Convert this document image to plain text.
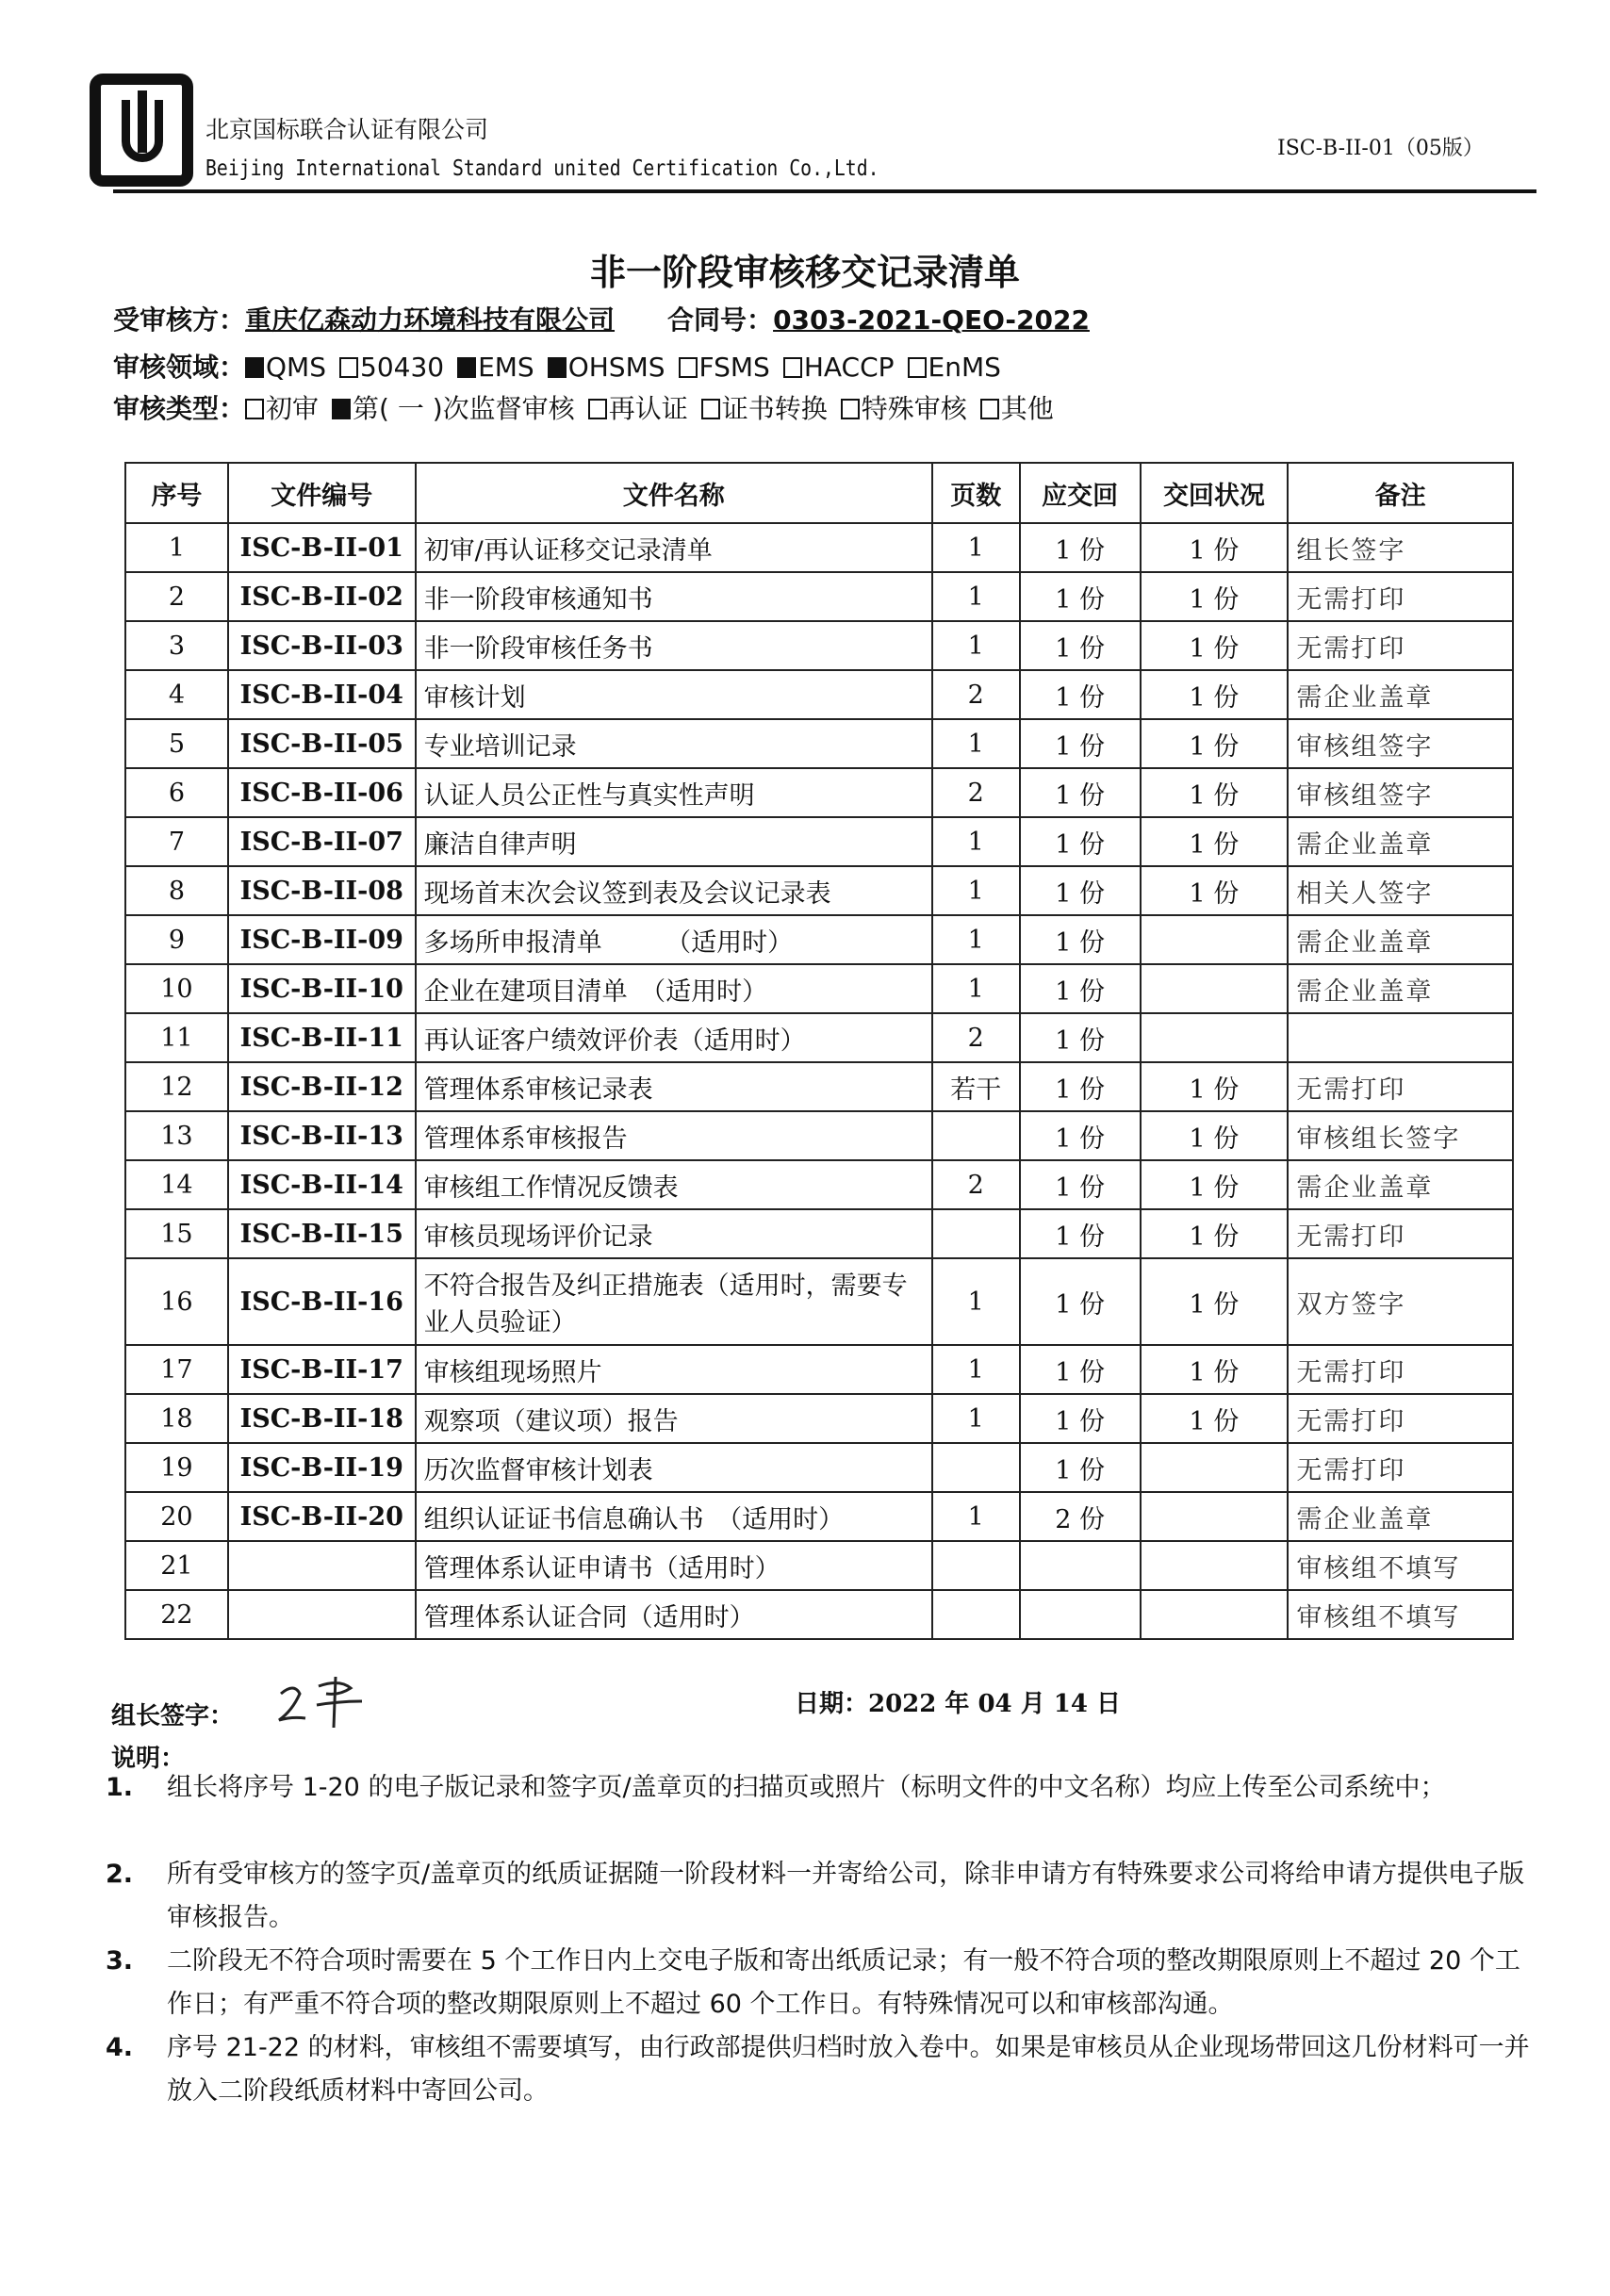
北京国标联合认证有限公司
Beijing International Standard united Certification Co.,Ltd.
ISC-B-II-01（05版）
非一阶段审核移交记录清单
受审核方：重庆亿森动力环境科技有限公司　　 合同号：0303-2021-QEO-2022
审核领域： QMS 50430 EMS OHSMS FSMS HACCP EnMS
审核类型： 初审 第( 一 )次监督审核 再认证 证书转换 特殊审核 其他
序号	文件编号	文件名称	页数	应交回	交回状况	备注
1	ISC-B-II-01	初审/再认证移交记录清单	1	1 份	1 份	组长签字
2	ISC-B-II-02	非一阶段审核通知书	1	1 份	1 份	无需打印
3	ISC-B-II-03	非一阶段审核任务书	1	1 份	1 份	无需打印
4	ISC-B-II-04	审核计划	2	1 份	1 份	需企业盖章
5	ISC-B-II-05	专业培训记录	1	1 份	1 份	审核组签字
6	ISC-B-II-06	认证人员公正性与真实性声明	2	1 份	1 份	审核组签字
7	ISC-B-II-07	廉洁自律声明	1	1 份	1 份	需企业盖章
8	ISC-B-II-08	现场首末次会议签到表及会议记录表	1	1 份	1 份	相关人签字
9	ISC-B-II-09	多场所申报清单　　　（适用时）	1	1 份		需企业盖章
10	ISC-B-II-10	企业在建项目清单　（适用时）	1	1 份		需企业盖章
11	ISC-B-II-11	再认证客户绩效评价表（适用时）	2	1 份		
12	ISC-B-II-12	管理体系审核记录表	若干	1 份	1 份	无需打印
13	ISC-B-II-13	管理体系审核报告		1 份	1 份	审核组长签字
14	ISC-B-II-14	审核组工作情况反馈表	2	1 份	1 份	需企业盖章
15	ISC-B-II-15	审核员现场评价记录		1 份	1 份	无需打印
16	ISC-B-II-16	不符合报告及纠正措施表（适用时，需要专业人员验证）	1	1 份	1 份	双方签字
17	ISC-B-II-17	审核组现场照片	1	1 份	1 份	无需打印
18	ISC-B-II-18	观察项（建议项）报告	1	1 份	1 份	无需打印
19	ISC-B-II-19	历次监督审核计划表		1 份		无需打印
20	ISC-B-II-20	组织认证证书信息确认书　（适用时）	1	2 份		需企业盖章
21		管理体系认证申请书（适用时）				审核组不填写
22		管理体系认证合同（适用时）				审核组不填写
组长签字：	日期：2022 年 04 月 14 日
说明：
1.	组长将序号 1-20 的电子版记录和签字页/盖章页的扫描页或照片（标明文件的中文名称）均应上传至公司系统中；
2.	所有受审核方的签字页/盖章页的纸质证据随一阶段材料一并寄给公司，除非申请方有特殊要求公司将给申请方提供电子版审核报告。
3.	二阶段无不符合项时需要在 5 个工作日内上交电子版和寄出纸质记录；有一般不符合项的整改期限原则上不超过 20 个工作日；有严重不符合项的整改期限原则上不超过 60 个工作日。有特殊情况可以和审核部沟通。
4.	序号 21-22 的材料，审核组不需要填写，由行政部提供归档时放入卷中。如果是审核员从企业现场带回这几份材料可一并放入二阶段纸质材料中寄回公司。
